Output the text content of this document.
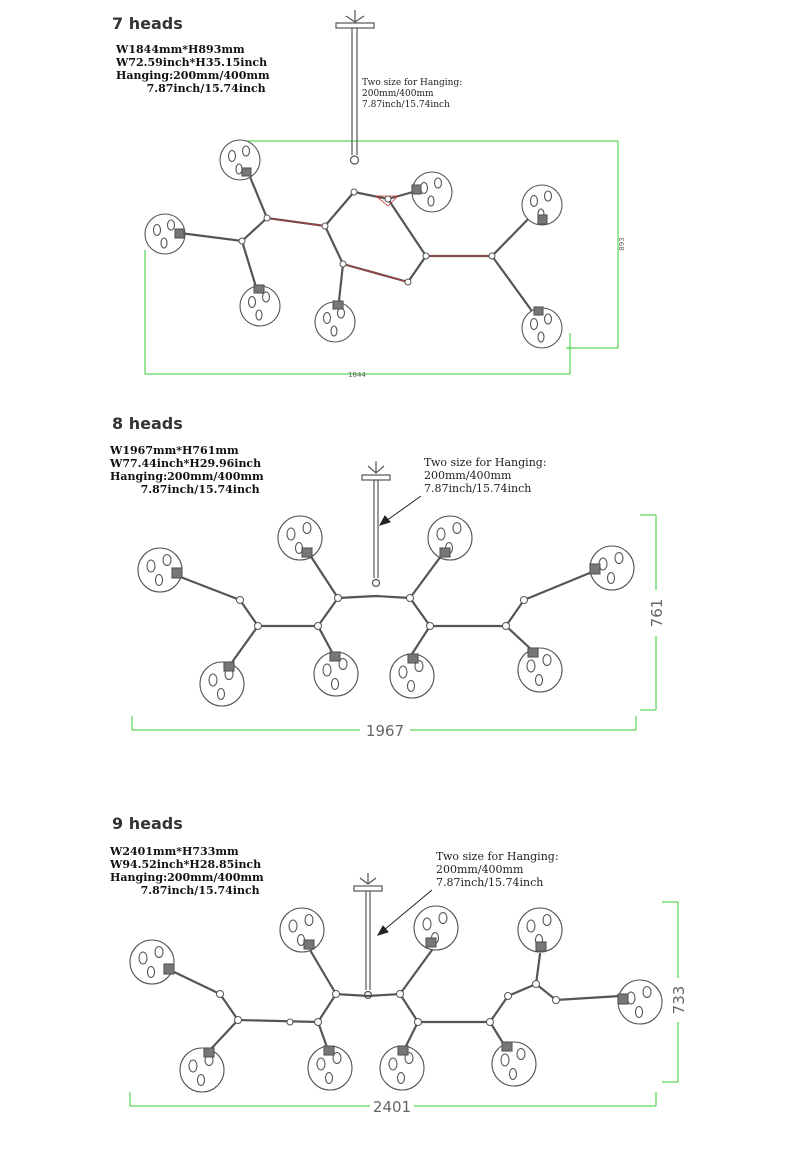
7 heads
W1844mm*H893mm
W72.59inch*H35.15inch
Hanging:200mm/400mm
7.87inch/15.74inch	Two size for Hanging:
200mm/400mm
7.87inch/15.74inch
1844
893
8 heads
W1967mm*H761mm
W77.44inch*H29.96inch
Hanging:200mm/400mm
7.87inch/15.74inch
Two size for Hanging:
200mm/400mm
7.87inch/15.74inch
1967
761
9 heads
W2401mm*H733mm
W94.52inch*H28.85inch
Hanging:200mm/400mm
7.87inch/15.74inch
Two size for Hanging:
200mm/400mm
7.87inch/15.74inch
2401
733
